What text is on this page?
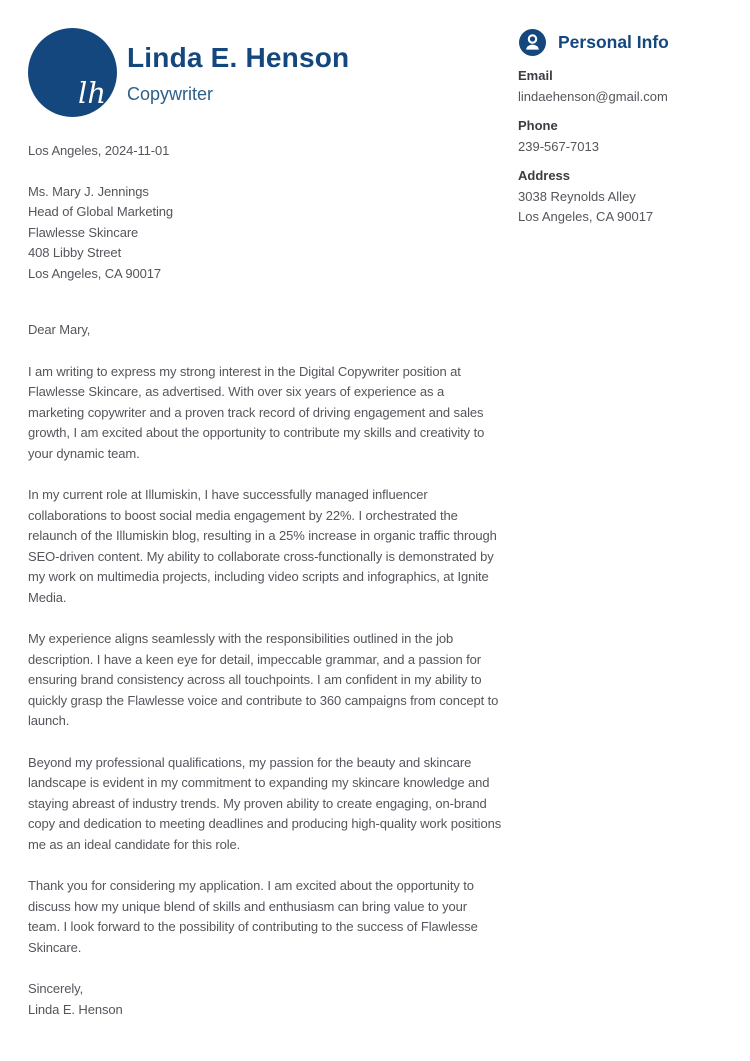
lh
Linda E. Henson
Copywriter
Los Angeles, 2024-11-01
Ms. Mary J. Jennings
Head of Global Marketing
Flawlesse Skincare
408 Libby Street
Los Angeles, CA 90017

Dear Mary,

I am writing to express my strong interest in the Digital Copywriter position at Flawlesse Skincare, as advertised. With over six years of experience as a marketing copywriter and a proven track record of driving engagement and sales growth, I am excited about the opportunity to contribute my skills and creativity to your dynamic team.

In my current role at Illumiskin, I have successfully managed influencer collaborations to boost social media engagement by 22%. I orchestrated the relaunch of the Illumiskin blog, resulting in a 25% increase in organic traffic through SEO-driven content. My ability to collaborate cross-functionally is demonstrated by my work on multimedia projects, including video scripts and infographics, at Ignite Media.

My experience aligns seamlessly with the responsibilities outlined in the job description. I have a keen eye for detail, impeccable grammar, and a passion for ensuring brand consistency across all touchpoints. I am confident in my ability to quickly grasp the Flawlesse voice and contribute to 360 campaigns from concept to launch.

Beyond my professional qualifications, my passion for the beauty and skincare landscape is evident in my commitment to expanding my skincare knowledge and staying abreast of industry trends. My proven ability to create engaging, on-brand copy and dedication to meeting deadlines and producing high-quality work positions me as an ideal candidate for this role.

Thank you for considering my application. I am excited about the opportunity to discuss how my unique blend of skills and enthusiasm can bring value to your team. I look forward to the possibility of contributing to the success of Flawlesse Skincare.

Sincerely,
Linda E. Henson
Personal Info
Email
lindaehenson@gmail.com
Phone
239-567-7013
Address
3038 Reynolds Alley
Los Angeles, CA 90017
